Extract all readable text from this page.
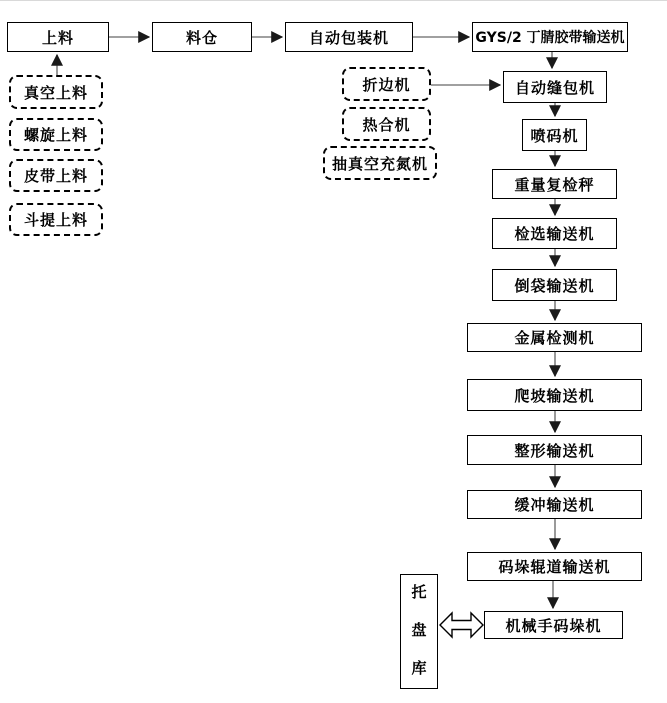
上料	料仓	自动包装机	GYS/2 丁腈胶带输送机
真空上料
螺旋上料
皮带上料
斗提上料
折边机
热合机
抽真空充氮机
自动缝包机
喷码机
重量复检秤
检选输送机
倒袋输送机
金属检测机
爬坡输送机
整形输送机
缓冲输送机
码垛辊道输送机
机械手码垛机
托
盘
库
